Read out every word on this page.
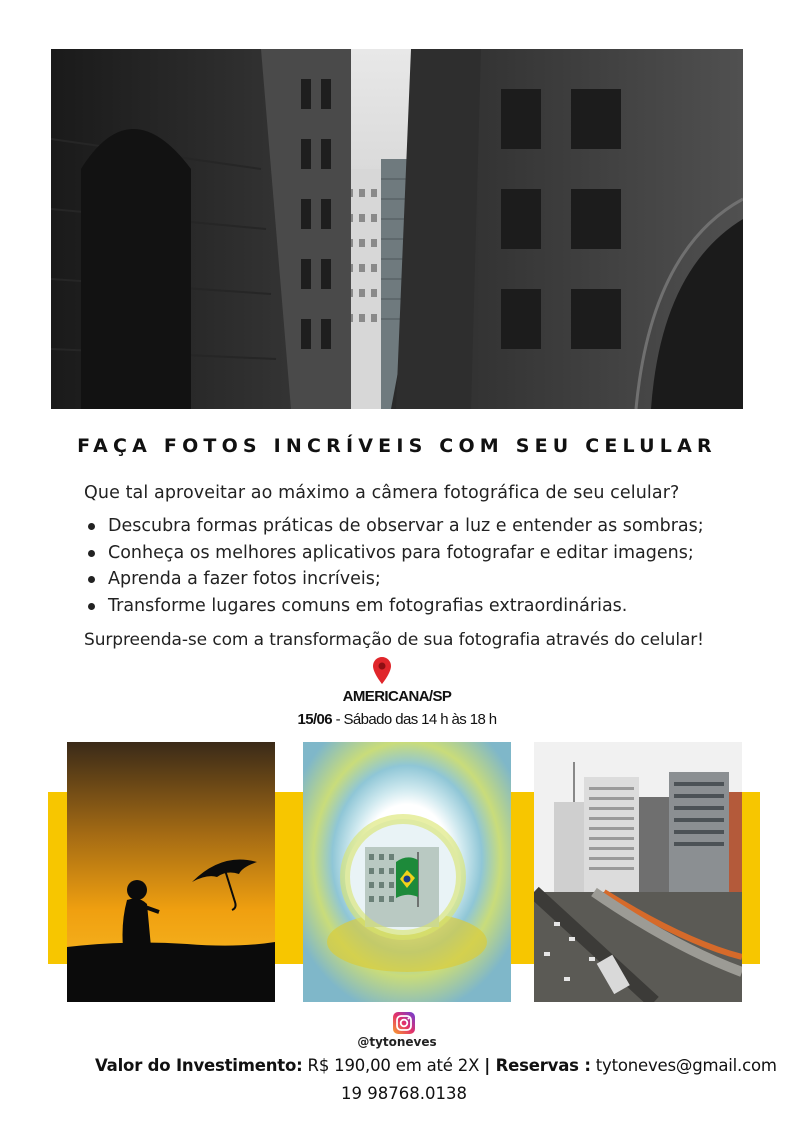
FAÇA FOTOS INCRÍVEIS COM SEU CELULAR
Que tal aproveitar ao máximo a câmera fotográfica de seu celular?
Descubra formas práticas de observar a luz e entender as sombras;
Conheça os melhores aplicativos para fotografar e editar imagens;
Aprenda a fazer fotos incríveis;
Transforme lugares comuns em fotografias extraordinárias.
Surpreenda-se com a transformação de sua fotografia através do celular!
AMERICANA/SP
15/06 - Sábado das 14 h às 18 h
@tytoneves
Valor do Investimento: R$ 190,00 em até 2X | Reservas : tytoneves@gmail.com
19 98768.0138
